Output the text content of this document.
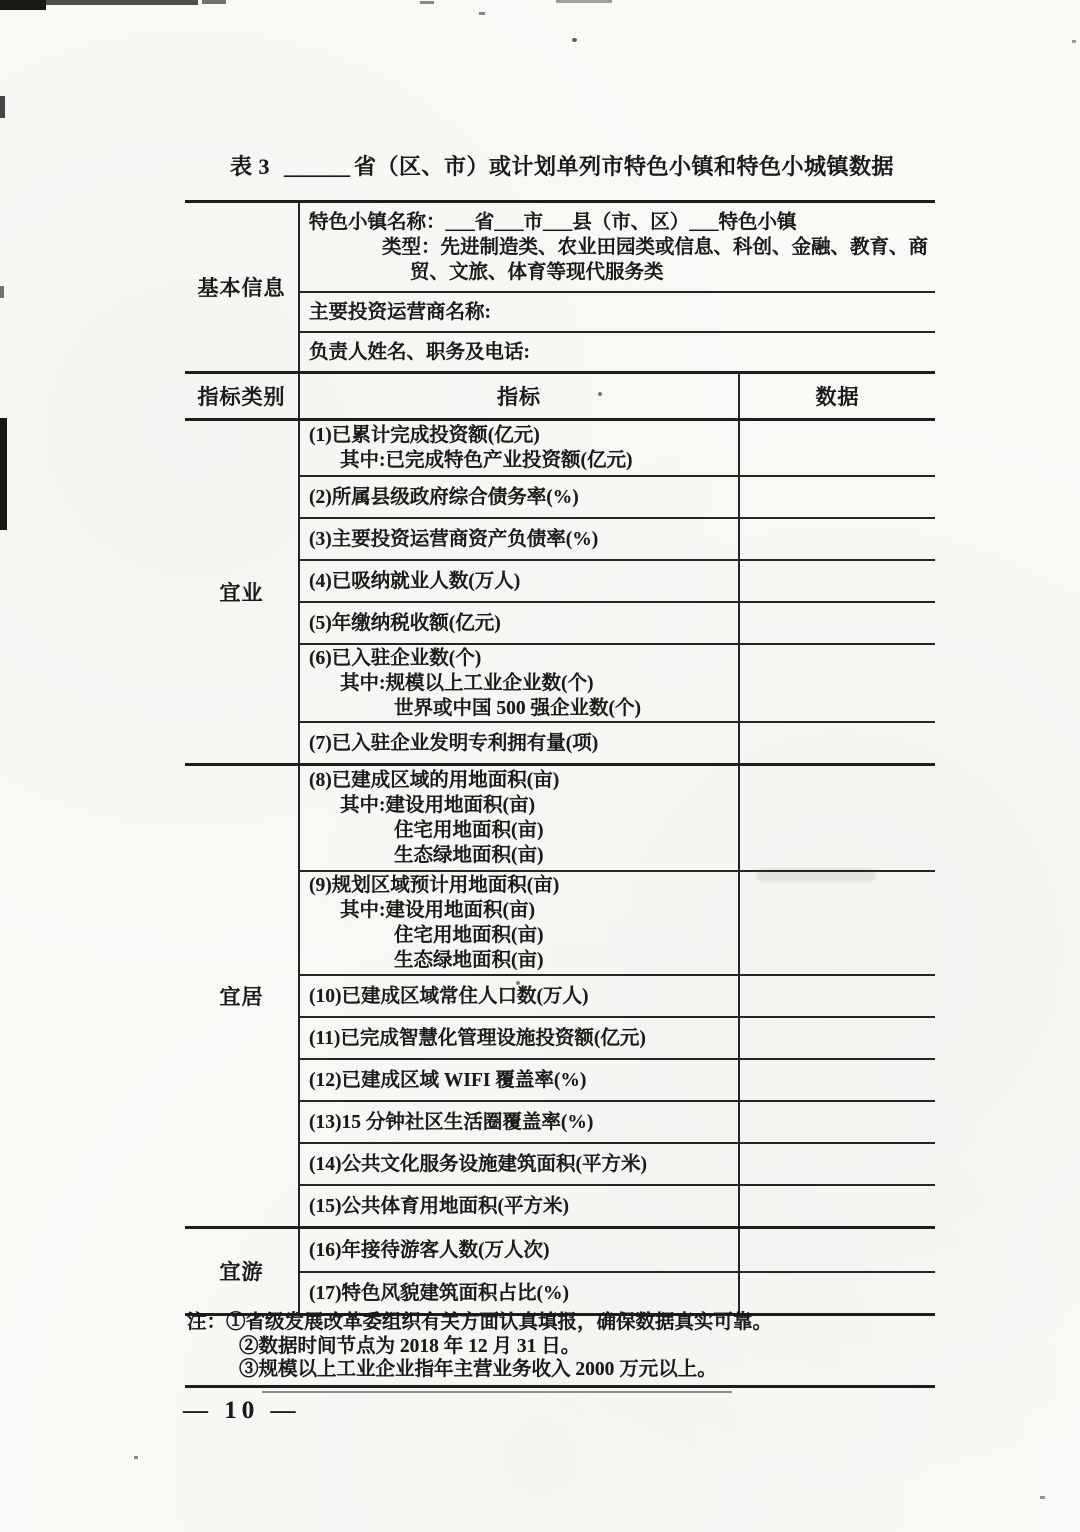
表 3 ______ 省（区、市）或计划单列市特色小镇和特色小城镇数据
基本信息
特色小镇名称：___省___市___县（市、区）___特色小镇
类型：先进制造类、农业田园类或信息、科创、金融、教育、商
贸、文旅、体育等现代服务类
主要投资运营商名称:
负责人姓名、职务及电话:
指标类别	指标	数据
宜业
(1)已累计完成投资额(亿元)
其中:已完成特色产业投资额(亿元)
(2)所属县级政府综合债务率(%)
(3)主要投资运营商资产负债率(%)
(4)已吸纳就业人数(万人)
(5)年缴纳税收额(亿元)
(6)已入驻企业数(个)
其中:规模以上工业企业数(个)
世界或中国 500 强企业数(个)
(7)已入驻企业发明专利拥有量(项)
宜居
(8)已建成区域的用地面积(亩)
其中:建设用地面积(亩)
住宅用地面积(亩)
生态绿地面积(亩)
(9)规划区域预计用地面积(亩)
其中:建设用地面积(亩)
住宅用地面积(亩)
生态绿地面积(亩)
(10)已建成区域常住人口数(万人)
(11)已完成智慧化管理设施投资额(亿元)
(12)已建成区域 WIFI 覆盖率(%)
(13)15 分钟社区生活圈覆盖率(%)
(14)公共文化服务设施建筑面积(平方米)
(15)公共体育用地面积(平方米)
宜游
(16)年接待游客人数(万人次)
(17)特色风貌建筑面积占比(%)
注：①省级发展改革委组织有关方面认真填报，确保数据真实可靠。
②数据时间节点为 2018 年 12 月 31 日。
③规模以上工业企业指年主营业务收入 2000 万元以上。
— 10 —
